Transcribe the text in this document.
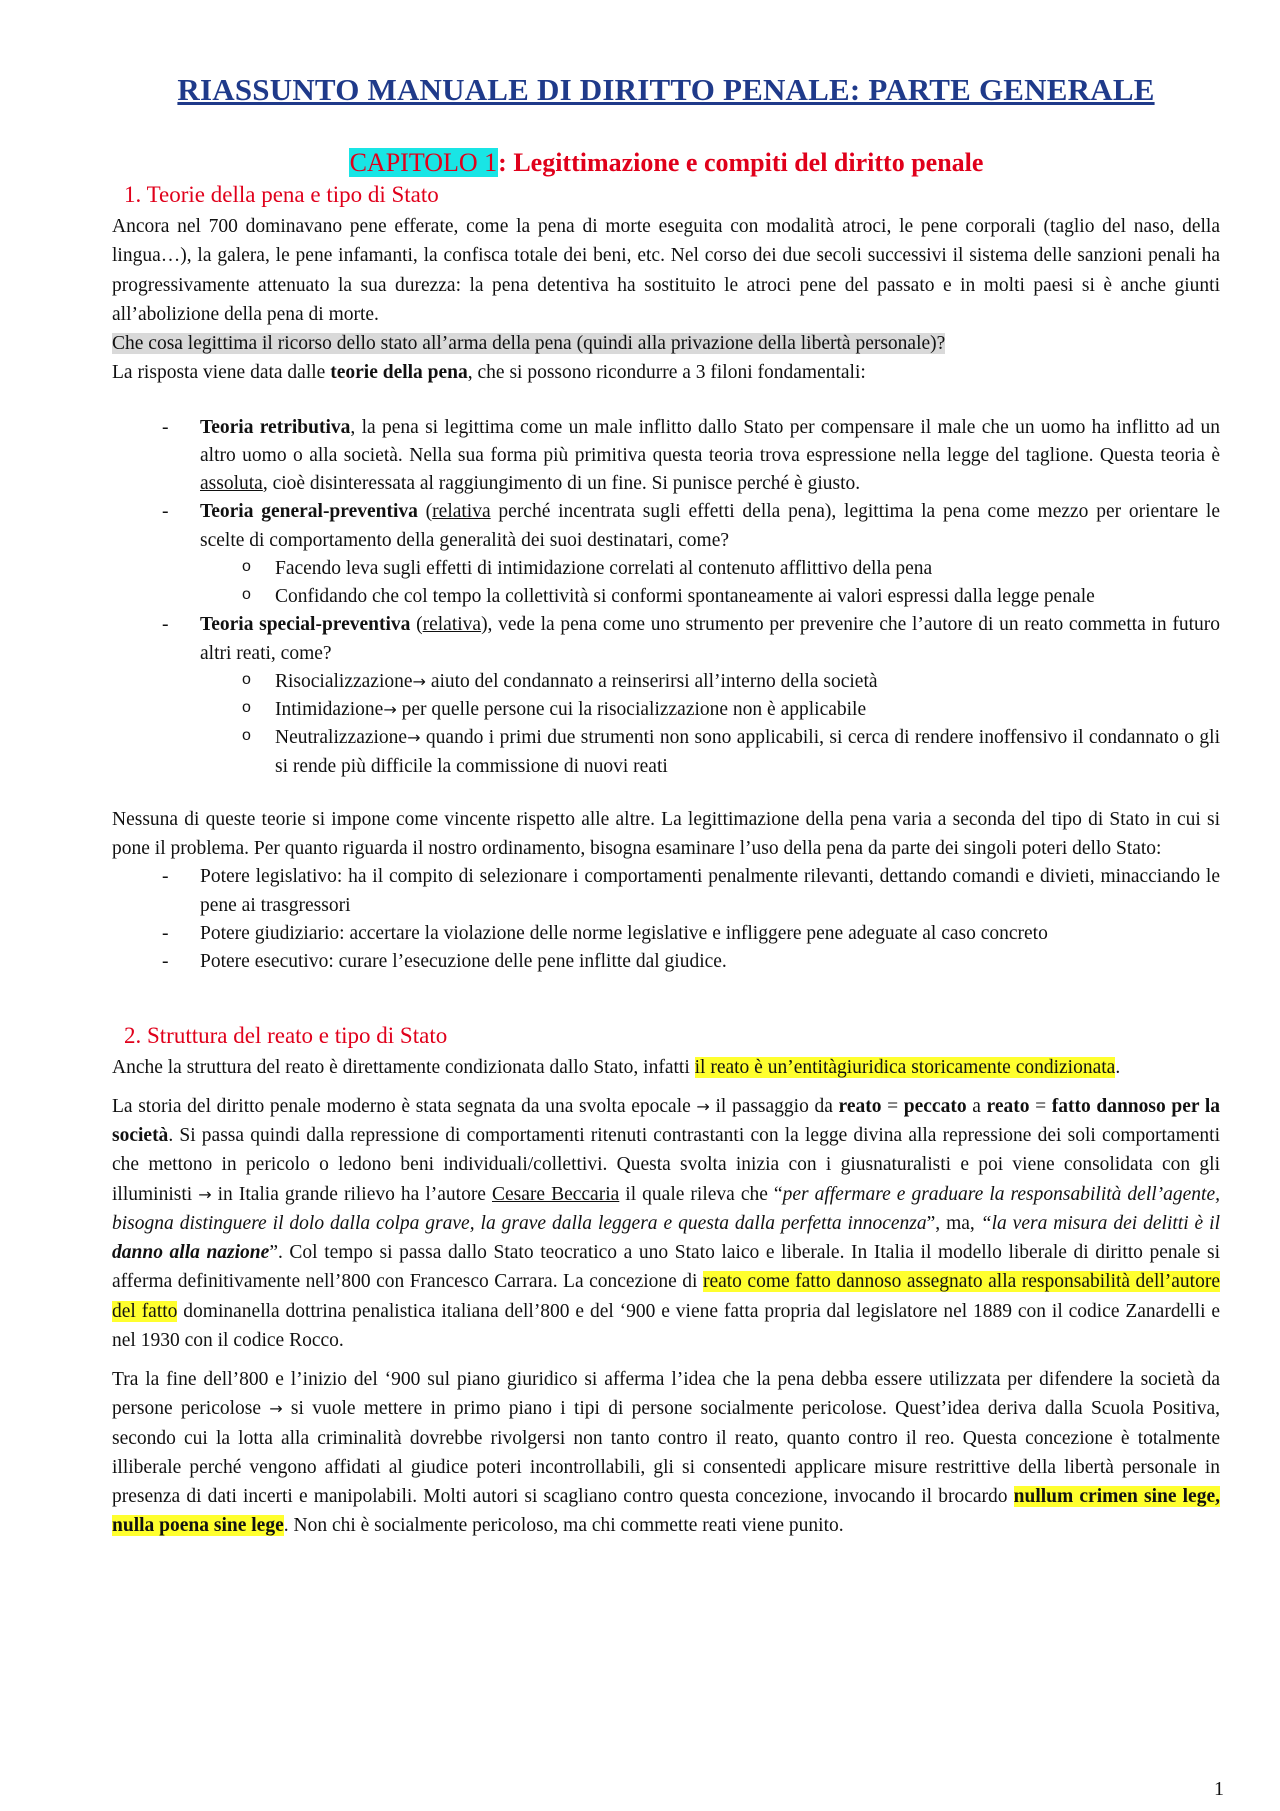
RIASSUNTO MANUALE DI DIRITTO PENALE: PARTE GENERALE
CAPITOLO 1: Legittimazione e compiti del diritto penale
1. Teorie della pena e tipo di Stato

Ancora nel 700 dominavano pene efferate, come la pena di morte eseguita con modalità atroci, le pene corporali (taglio del naso, della lingua…), la galera, le pene infamanti, la confisca totale dei beni, etc. Nel corso dei due secoli successivi il sistema delle sanzioni penali ha progressivamente attenuato la sua durezza: la pena detentiva ha sostituito le atroci pene del passato e in molti paesi si è anche giunti all’abolizione della pena di morte.

Che cosa legittima il ricorso dello stato all’arma della pena (quindi alla privazione della libertà personale)?

La risposta viene data dalle teorie della pena, che si possono ricondurre a 3 filoni fondamentali:

- Teoria retributiva, la pena si legittima come un male inflitto dallo Stato per compensare il male che un uomo ha inflitto ad un altro uomo o alla società. Nella sua forma più primitiva questa teoria trova espressione nella legge del taglione. Questa teoria è assoluta, cioè disinteressata al raggiungimento di un fine. Si punisce perché è giusto.
- Teoria general-preventiva (relativa perché incentrata sugli effetti della pena), legittima la pena come mezzo per orientare le scelte di comportamento della generalità dei suoi destinatari, come?
o Facendo leva sugli effetti di intimidazione correlati al contenuto afflittivo della pena
o Confidando che col tempo la collettività si conformi spontaneamente ai valori espressi dalla legge penale
- Teoria special-preventiva (relativa), vede la pena come uno strumento per prevenire che l’autore di un reato commetta in futuro altri reati, come?
o Risocializzazione→ aiuto del condannato a reinserirsi all’interno della società
o Intimidazione→ per quelle persone cui la risocializzazione non è applicabile
o Neutralizzazione→ quando i primi due strumenti non sono applicabili, si cerca di rendere inoffensivo il condannato o gli si rende più difficile la commissione di nuovi reati

Nessuna di queste teorie si impone come vincente rispetto alle altre. La legittimazione della pena varia a seconda del tipo di Stato in cui si pone il problema. Per quanto riguarda il nostro ordinamento, bisogna esaminare l’uso della pena da parte dei singoli poteri dello Stato:

- Potere legislativo: ha il compito di selezionare i comportamenti penalmente rilevanti, dettando comandi e divieti, minacciando le pene ai trasgressori
- Potere giudiziario: accertare la violazione delle norme legislative e infliggere pene adeguate al caso concreto
- Potere esecutivo: curare l’esecuzione delle pene inflitte dal giudice.
2. Struttura del reato e tipo di Stato

Anche la struttura del reato è direttamente condizionata dallo Stato, infatti il reato è un’entitàgiuridica storicamente condizionata.

La storia del diritto penale moderno è stata segnata da una svolta epocale → il passaggio da reato = peccato a reato = fatto dannoso per la società. Si passa quindi dalla repressione di comportamenti ritenuti contrastanti con la legge divina alla repressione dei soli comportamenti che mettono in pericolo o ledono beni individuali/collettivi. Questa svolta inizia con i giusnaturalisti e poi viene consolidata con gli illuministi → in Italia grande rilievo ha l’autore Cesare Beccaria il quale rileva che “per affermare e graduare la responsabilità dell’agente, bisogna distinguere il dolo dalla colpa grave, la grave dalla leggera e questa dalla perfetta innocenza”, ma, “la vera misura dei delitti è il danno alla nazione”. Col tempo si passa dallo Stato teocratico a uno Stato laico e liberale. In Italia il modello liberale di diritto penale si afferma definitivamente nell’800 con Francesco Carrara. La concezione di reato come fatto dannoso assegnato alla responsabilità dell’autore del fatto dominanella dottrina penalistica italiana dell’800 e del ‘900 e viene fatta propria dal legislatore nel 1889 con il codice Zanardelli e nel 1930 con il codice Rocco.

Tra la fine dell’800 e l’inizio del ‘900 sul piano giuridico si afferma l’idea che la pena debba essere utilizzata per difendere la società da persone pericolose → si vuole mettere in primo piano i tipi di persone socialmente pericolose. Quest’idea deriva dalla Scuola Positiva, secondo cui la lotta alla criminalità dovrebbe rivolgersi non tanto contro il reato, quanto contro il reo. Questa concezione è totalmente illiberale perché vengono affidati al giudice poteri incontrollabili, gli si consentedi applicare misure restrittive della libertà personale in presenza di dati incerti e manipolabili. Molti autori si scagliano contro questa concezione, invocando il brocardo nullum crimen sine lege, nulla poena sine lege. Non chi è socialmente pericoloso, ma chi commette reati viene punito.

1
